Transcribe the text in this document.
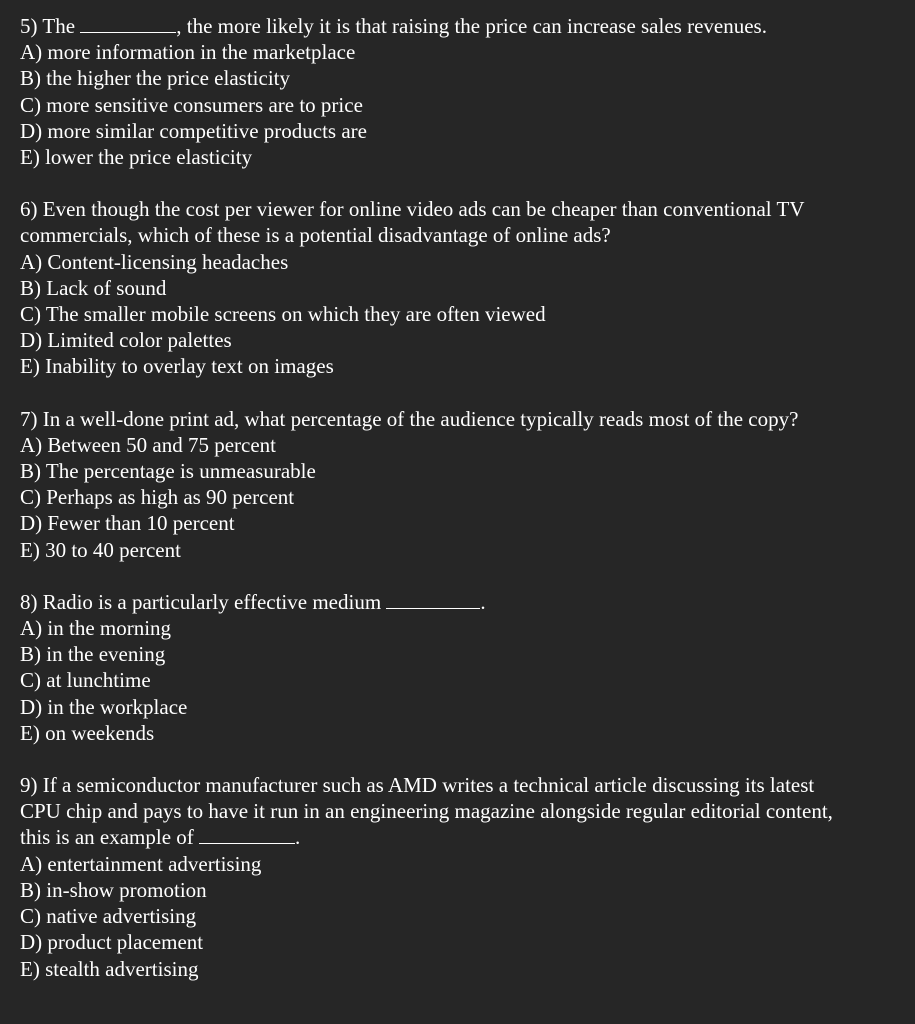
5) The	, the more likely it is that raising the price can increase sales revenues.

A) more information in the marketplace

B) the higher the price elasticity

C) more sensitive consumers are to price

D) more similar competitive products are

E) lower the price elasticity

6) Even though the cost per viewer for online video ads can be cheaper than conventional TV

commercials, which of these is a potential disadvantage of online ads?

A) Content-licensing headaches

B) Lack of sound

C) The smaller mobile screens on which they are often viewed

D) Limited color palettes

E) Inability to overlay text on images

7) In a well-done print ad, what percentage of the audience typically reads most of the copy?

A) Between 50 and 75 percent

B) The percentage is unmeasurable

C) Perhaps as high as 90 percent

D) Fewer than 10 percent

E) 30 to 40 percent

8) Radio is a particularly effective medium	.

A) in the morning

B) in the evening

C) at lunchtime

D) in the workplace

E) on weekends

9) If a semiconductor manufacturer such as AMD writes a technical article discussing its latest

CPU chip and pays to have it run in an engineering magazine alongside regular editorial content,

this is an example of	.

A) entertainment advertising

B) in-show promotion

C) native advertising

D) product placement

E) stealth advertising
